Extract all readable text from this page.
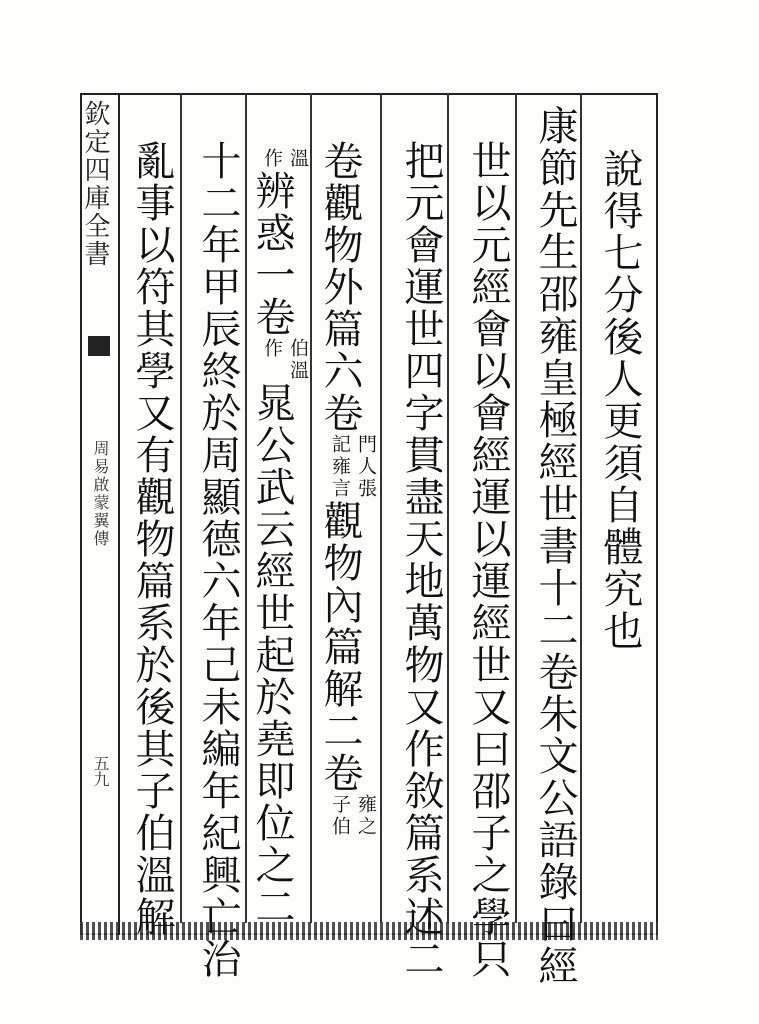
欽定四庫全書
周易啟蒙翼傳
五九
說得七分後人更須自體究也
康節先生邵雍皇極經世書十二卷朱文公語錄曰經
世以元經會以會經運以運經世又曰邵子之學只
把元會運世四字貫盡天地萬物又作敘篇系述二
卷觀物外篇六卷門人張
記雍言觀物內篇解二卷雍之
子伯
溫
作辨惑一卷伯溫
作晁公武云經世起於堯即位之二
十二年甲辰終於周顯德六年己未編年紀興亡治
亂事以符其學又有觀物篇系於後其子伯溫解
